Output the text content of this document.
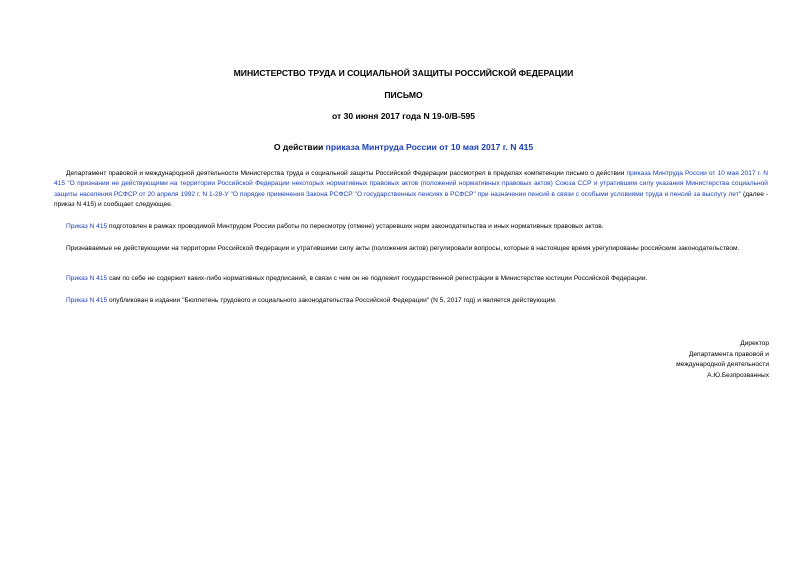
МИНИСТЕРСТВО ТРУДА И СОЦИАЛЬНОЙ ЗАЩИТЫ РОССИЙСКОЙ ФЕДЕРАЦИИ
ПИСЬМО
от 30 июня 2017 года N 19-0/В-595
О действии приказа Минтруда России от 10 мая 2017 г. N 415
Департамент правовой и международной деятельности Министерства труда и социальной защиты Российской Федерации рассмотрел в пределах компетенции письмо о действии приказа Минтруда России от 10 мая 2017 г. N 415 "О признании не действующими на территории Российской Федерации некоторых нормативных правовых актов (положений нормативных правовых актов) Союза ССР и утратившим силу указания Министерства социальной защиты населения РСФСР от 20 апреля 1992 г. N 1-28-У "О порядке применения Закона РСФСР "О государственных пенсиях в РСФСР" при назначении пенсий в связи с особыми условиями труда и пенсий за выслугу лет" (далее - приказ N 415) и сообщает следующее.
Приказ N 415 подготовлен в рамках проводимой Минтрудом России работы по пересмотру (отмене) устаревших норм законодательства и иных нормативных правовых актов.
Признаваемые не действующими на территории Российской Федерации и утратившими силу акты (положения актов) регулировали вопросы, которые в настоящее время урегулированы российским законодательством.
Приказ N 415 сам по себе не содержит каких-либо нормативных предписаний, в связи с чем он не подлежит государственной регистрации в Министерстве юстиции Российской Федерации.
Приказ N 415 опубликован в издании "Бюллетень трудового и социального законодательства Российской Федерации" (N 5, 2017 год) и является действующим.
Директор
Департамента правовой и
международной деятельности
А.Ю.Безпрозванных
